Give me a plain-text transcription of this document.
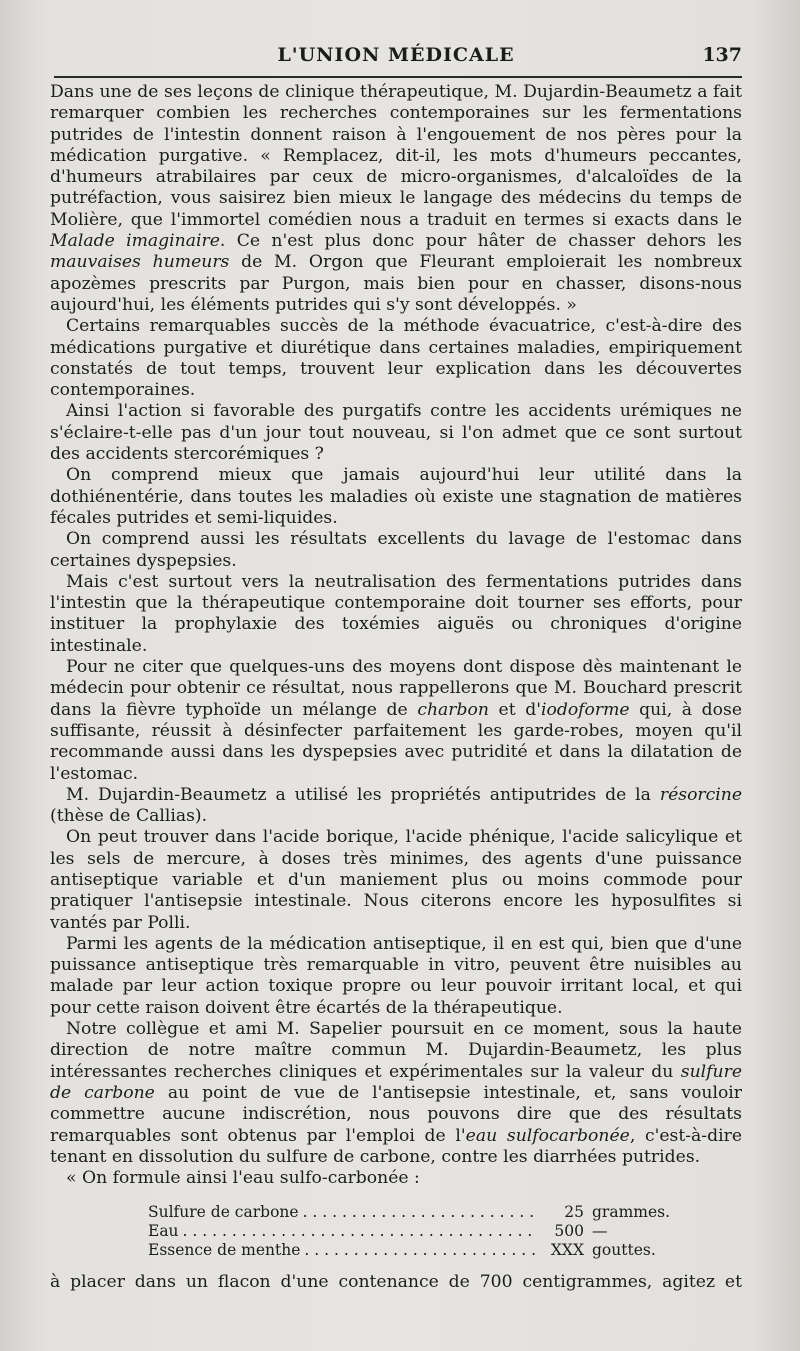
L'UNION MÉDICALE	137

Dans une de ses leçons de clinique thérapeutique, M. Dujardin-Beaumetz a fait remarquer combien les recherches contemporaines sur les fermentations putrides de l'intestin donnent raison à l'engouement de nos pères pour la médication purgative. « Remplacez, dit-il, les mots d'humeurs peccantes, d'humeurs atrabilaires par ceux de micro-organismes, d'alcaloïdes de la putréfaction, vous saisirez bien mieux le langage des médecins du temps de Molière, que l'immortel comédien nous a traduit en termes si exacts dans le Malade imaginaire. Ce n'est plus donc pour hâter de chasser dehors les mauvaises humeurs de M. Orgon que Fleurant emploierait les nombreux apozèmes prescrits par Purgon, mais bien pour en chasser, disons-nous aujourd'hui, les éléments putrides qui s'y sont développés. »

Certains remarquables succès de la méthode évacuatrice, c'est-à-dire des médications purgative et diurétique dans certaines maladies, empiriquement constatés de tout temps, trouvent leur explication dans les découvertes contemporaines.

Ainsi l'action si favorable des purgatifs contre les accidents urémiques ne s'éclaire-t-elle pas d'un jour tout nouveau, si l'on admet que ce sont surtout des accidents stercorémiques ?

On comprend mieux que jamais aujourd'hui leur utilité dans la dothiénentérie, dans toutes les maladies où existe une stagnation de matières fécales putrides et semi-liquides.

On comprend aussi les résultats excellents du lavage de l'estomac dans certaines dyspepsies.

Mais c'est surtout vers la neutralisation des fermentations putrides dans l'intestin que la thérapeutique contemporaine doit tourner ses efforts, pour instituer la prophylaxie des toxémies aiguës ou chroniques d'origine intestinale.

Pour ne citer que quelques-uns des moyens dont dispose dès maintenant le médecin pour obtenir ce résultat, nous rappellerons que M. Bouchard prescrit dans la fièvre typhoïde un mélange de charbon et d'iodoforme qui, à dose suffisante, réussit à désinfecter parfaitement les garde-robes, moyen qu'il recommande aussi dans les dyspepsies avec putridité et dans la dilatation de l'estomac.

M. Dujardin-Beaumetz a utilisé les propriétés antiputrides de la résorcine (thèse de Callias).

On peut trouver dans l'acide borique, l'acide phénique, l'acide salicylique et les sels de mercure, à doses très minimes, des agents d'une puissance antiseptique variable et d'un maniement plus ou moins commode pour pratiquer l'antisepsie intestinale. Nous citerons encore les hyposulfites si vantés par Polli.

Parmi les agents de la médication antiseptique, il en est qui, bien que d'une puissance antiseptique très remarquable in vitro, peuvent être nuisibles au malade par leur action toxique propre ou leur pouvoir irritant local, et qui pour cette raison doivent être écartés de la thérapeutique.

Notre collègue et ami M. Sapelier poursuit en ce moment, sous la haute direction de notre maître commun M. Dujardin-Beaumetz, les plus intéressantes recherches cliniques et expérimentales sur la valeur du sulfure de carbone au point de vue de l'antisepsie intestinale, et, sans vouloir commettre aucune indiscrétion, nous pouvons dire que des résultats remarquables sont obtenus par l'emploi de l'eau sulfocarbonée, c'est-à-dire tenant en dissolution du sulfure de carbone, contre les diarrhées putrides.

« On formule ainsi l'eau sulfo-carbonée :

Sulfure de carbone . . .	25 grammes.
Eau . . .	500 —
Essence de menthe . . .	XXX gouttes.
à placer dans un flacon d'une contenance de 700 centigrammes, agitez et
